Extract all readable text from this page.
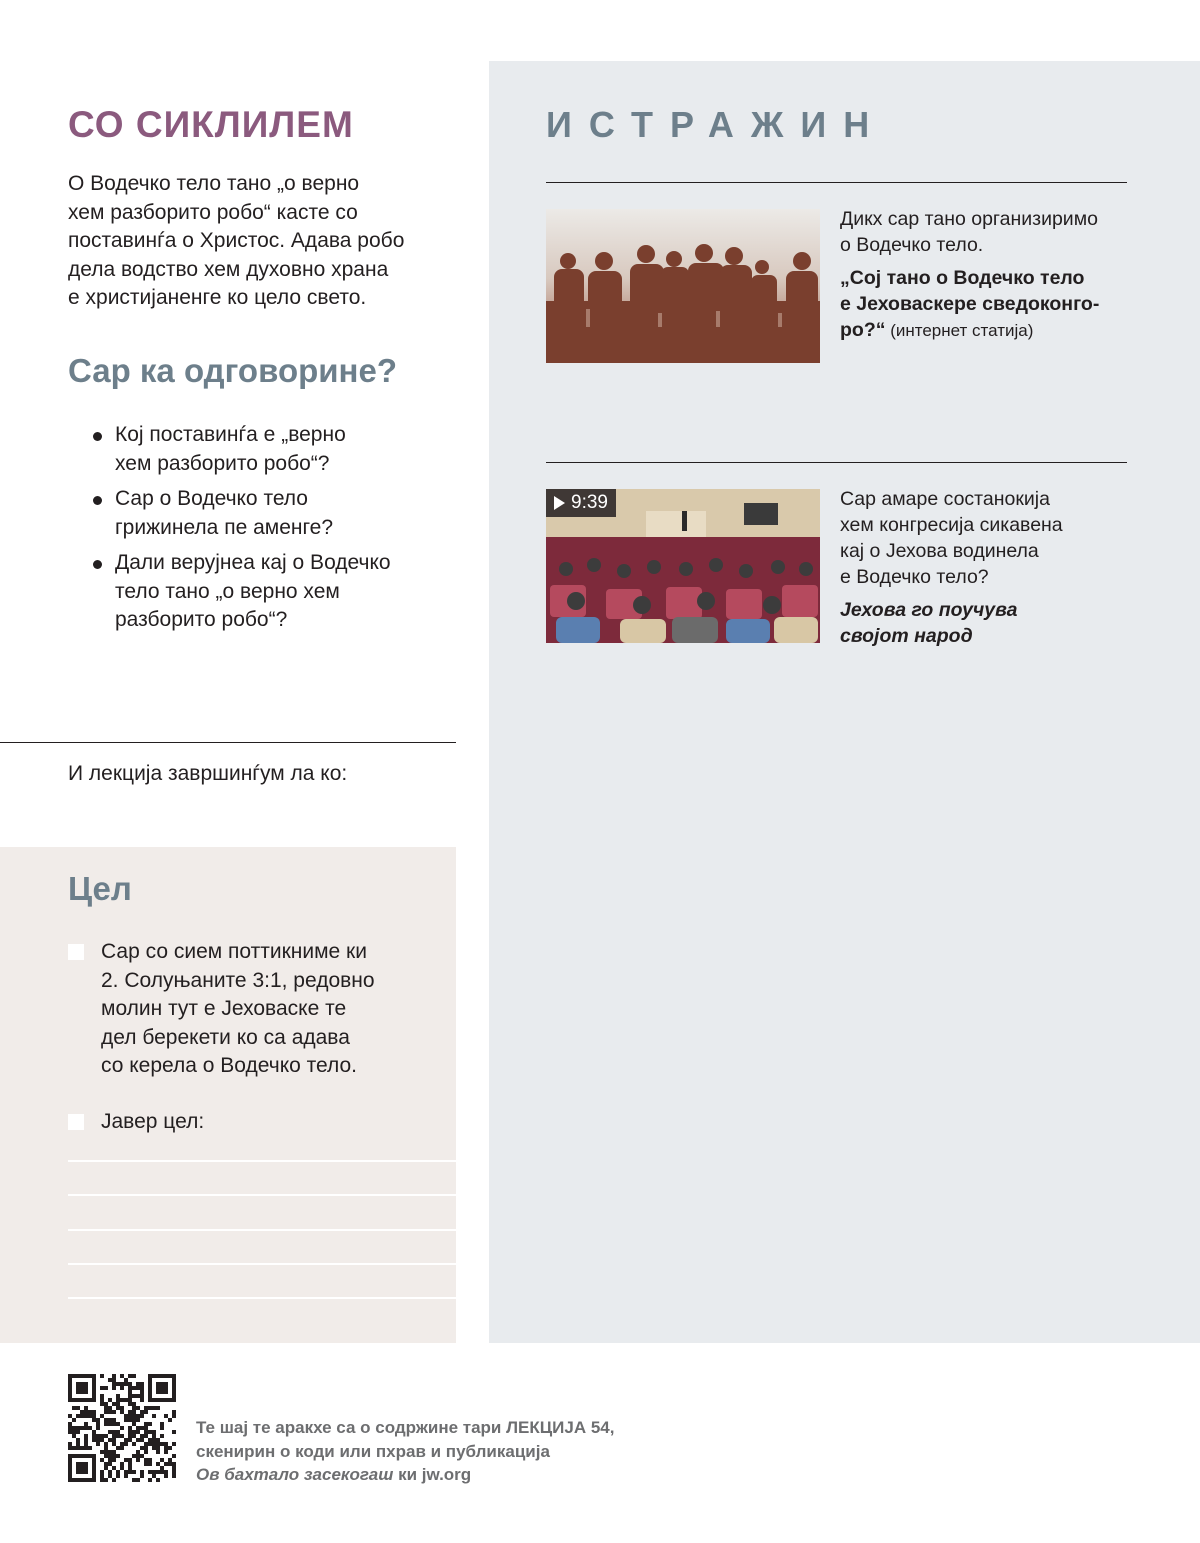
СО СИКЛИЛЕМ

О Водечко тело тано „о верно
хем разборито робо“ касте со
поставинѓа о Христос. Адава робо
дела водство хем духовно храна
е христијаненге ко цело свето.

Сар ка одговорине?
Кој поставинѓа е „верно
хем разборито робо“?
Сар о Водечко тело
грижинела пе аменге?
Дали верујнеа кај о Водечко
тело тано „о верно хем
разборито робо“?

И лекција завршинѓум ла ко:

Цел
Сар со сием поттикниме ки
2. Солуњаните 3:1, редовно
молин тут е Јеховаске те
дел берекети ко са адава
со керела о Водечко тело.
Јавер цел:
ИСТРАЖИН

Дикх сар тано организиримо
о Водечко тело.

„Сој тано о Водечко тело
е Јеховаскере сведоконго-
ро?“ (интернет статија)

9:39	Сар амаре состанокија
хем конгресија сикавена
кај о Јехова водинела
е Водечко тело?

Јехова го поучува
својот народ

Те шај те аракхе са о содржине тари ЛЕКЦИЈА 54,
скенирин о коди или пхрав и публикација
Ов бахтало засекогаш ки jw.org
